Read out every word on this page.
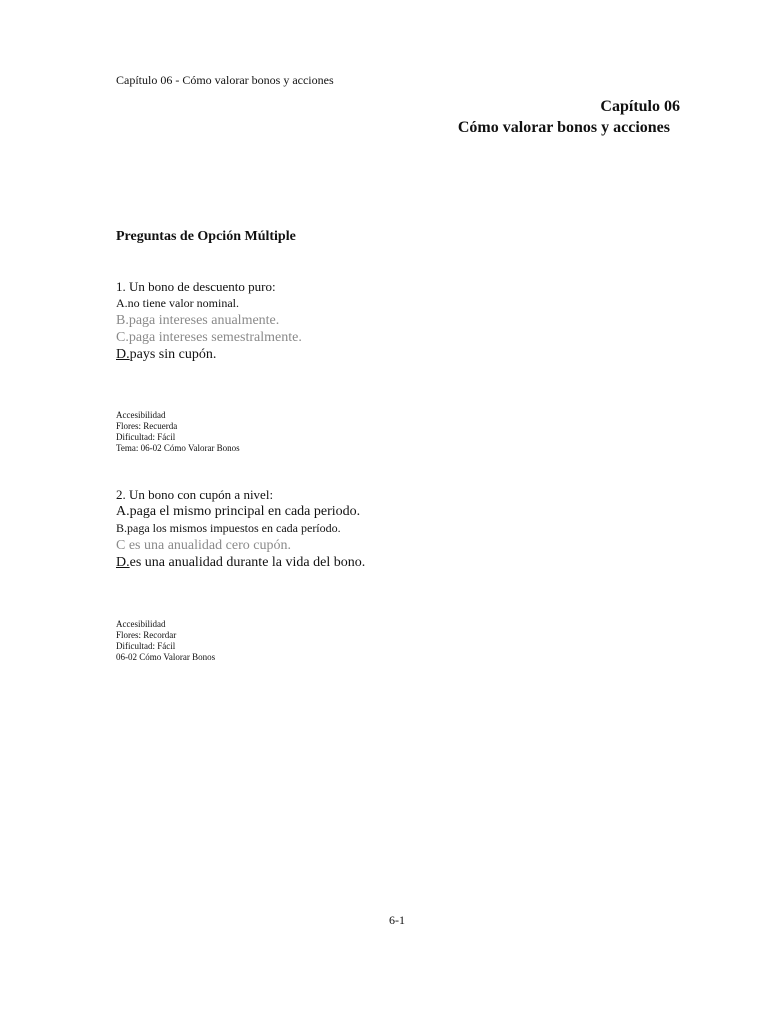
Capítulo 06 - Cómo valorar bonos y acciones

Capítulo 06

Cómo valorar bonos y acciones
Preguntas de Opción Múltiple

1. Un bono de descuento puro:

A.no tiene valor nominal.

B.paga intereses anualmente.

C.paga intereses semestralmente.

D.pays sin cupón.

Accesibilidad
Flores: Recuerda
Dificultad: Fácil
Tema: 06-02 Cómo Valorar Bonos

2. Un bono con cupón a nivel:

A.paga el mismo principal en cada periodo.

B.paga los mismos impuestos en cada período.

C es una anualidad cero cupón.

D.es una anualidad durante la vida del bono.

Accesibilidad
Flores: Recordar
Dificultad: Fácil
06-02 Cómo Valorar Bonos

6-1
